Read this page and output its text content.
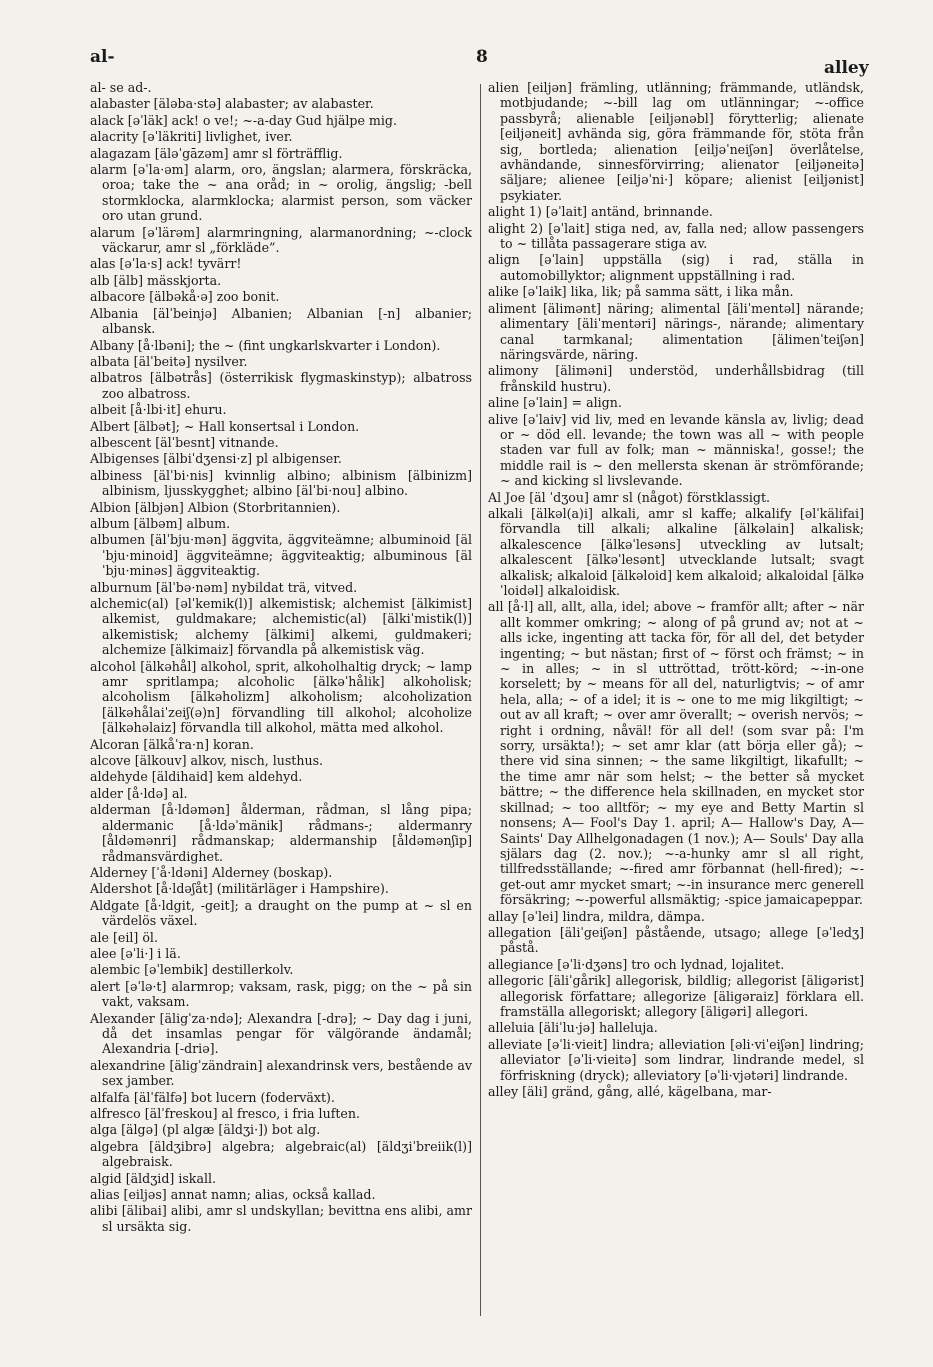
al-	8
alley

al- se ad-.

alabaster [äləba·stə] alabaster; av alabaster.

alack [əˈläk] ack! o ve!; ~-a-day Gud hjälpe mig.

alacrity [əˈläkriti] livlighet, iver.

alagazam [äləˈgāzəm] amr sl förträfflig.

alarm [əˈla·əm] alarm, oro, ängslan; alarmera, förskräcka, oroa; take the ~ ana oråd; in ~ orolig, ängslig; -bell stormklocka, alarmklocka; alarmist person, som väcker oro utan grund.

alarum [əˈlärəm] alarmringning, alarmanordning; ~-clock väckarur, amr sl „förkläde”.

alas [əˈla·s] ack! tyvärr!

alb [älb] mässkjorta.

albacore [älbəkå·ə] zoo bonit.

Albania [älˈbeinjə] Albanien; Albanian [-n] albanier; albansk.

Albany [å·lbəni]; the ~ (fint ungkarlskvarter i London).

albata [älˈbeitə] nysilver.

albatros [älbətrås] (österrikisk flygmaskinstyp); albatross zoo albatross.

albeit [å·lbi·it] ehuru.

Albert [älbət]; ~ Hall konsertsal i London.

albescent [älˈbesnt] vitnande.

Albigenses [älbiˈdʒensi·z] pl albigenser.

albiness [älˈbi·nis] kvinnlig albino; albinism [älbinizm] albinism, ljusskygghet; albino [älˈbi·nou] albino.

Albion [älbjən] Albion (Storbritannien).

album [älbəm] album.

albumen [älˈbju·mən] äggvita, äggviteämne; albuminoid [älˈbju·minoid] äggviteämne; äggviteaktig; albuminous [älˈbju·minəs] äggviteaktig.

alburnum [älˈbə·nəm] nybildat trä, vitved.

alchemic(al) [əlˈkemik(l)] alkemistisk; alchemist [älkimist] alkemist, guldmakare; alchemistic(al) [älkiˈmistik(l)] alkemistisk; alchemy [älkimi] alkemi, guldmakeri; alchemize [älkimaiz] förvandla på alkemistisk väg.

alcohol [älkəhål] alkohol, sprit, alkoholhaltig dryck; ~ lamp amr spritlampa; alcoholic [älkəˈhålik] alkoholisk; alcoholism [älkəholizm] alkoholism; alcoholization [älkəhålaiˈzeiʃ(ə)n] förvandling till alkohol; alcoholize [älkəhəlaiz] förvandla till alkohol, mätta med alkohol.

Alcoran [älkåˈra·n] koran.

alcove [älkouv] alkov, nisch, lusthus.

aldehyde [äldihaid] kem aldehyd.

alder [å·ldə] al.

alderman [å·ldəmən] ålderman, rådman, sl lång pipa; aldermanic [å·ldəˈmänik] rådmans-; aldermanry [åldəmənri] rådmanskap; aldermanship [åldəmənʃip] rådmansvärdighet.

Alderney [ˈå·ldəni] Alderney (boskap).

Aldershot [å·ldəʃåt] (militärläger i Hampshire).

Aldgate [å·ldgit, -geit]; a draught on the pump at ~ sl en värdelös växel.

ale [eil] öl.

alee [əˈli·] i lä.

alembic [əˈlembik] destillerkolv.

alert [əˈlə·t] alarmrop; vaksam, rask, pigg; on the ~ på sin vakt, vaksam.

Alexander [äligˈza·ndə]; Alexandra [-drə]; ~ Day dag i juni, då det insamlas pengar för välgörande ändamål; Alexandria [-driə].

alexandrine [äligˈzändrain] alexandrinsk vers, bestående av sex jamber.

alfalfa [älˈfälfə] bot lucern (foderväxt).

alfresco [älˈfreskou] al fresco, i fria luften.

alga [älgə] (pl algæ [äldʒi·]) bot alg.

algebra [äldʒibrə] algebra; algebraic(al) [äldʒiˈbreiik(l)] algebraisk.

algid [äldʒid] iskall.

alias [eiljəs] annat namn; alias, också kallad.

alibi [älibai] alibi, amr sl undskyllan; bevittna ens alibi, amr sl ursäkta sig.

alien [eiljən] främling, utlänning; främmande, utländsk, motbjudande; ~-bill lag om utlänningar; ~-office passbyrå; alienable [eiljənəbl] förytterlig; alienate [eiljəneit] avhända sig, göra främmande för, stöta från sig, bortleda; alienation [eiljəˈneiʃən] överlåtelse, avhändande, sinnesförvirring; alienator [eiljəneitə] säljare; alienee [eiljəˈni·] köpare; alienist [eiljənist] psykiater.

alight 1) [əˈlait] antänd, brinnande.

alight 2) [əˈlait] stiga ned, av, falla ned; allow passengers to ~ tillåta passagerare stiga av.

align [əˈlain] uppställa (sig) i rad, ställa in automobillyktor; alignment uppställning i rad.

alike [əˈlaik] lika, lik; på samma sätt, i lika mån.

aliment [älimənt] näring; alimental [äliˈmentəl] närande; alimentary [äliˈmentəri] närings-, närande; alimentary canal tarmkanal; alimentation [älimenˈteiʃən] näringsvärde, näring.

alimony [äliməni] understöd, underhållsbidrag (till frånskild hustru).

aline [əˈlain] = align.

alive [əˈlaiv] vid liv, med en levande känsla av, livlig; dead or ~ död ell. levande; the town was all ~ with people staden var full av folk; man ~ människa!, gosse!; the middle rail is ~ den mellersta skenan är strömförande; ~ and kicking sl livslevande.

Al Joe [äl ˈdʒou] amr sl (något) förstklassigt.

alkali [älkəl(a)i] alkali, amr sl kaffe; alkalify [əlˈkälifai] förvandla till alkali; alkaline [älkəlain] alkalisk; alkalescence [älkəˈlesəns] utveckling av lutsalt; alkalescent [älkəˈlesənt] utvecklande lutsalt; svagt alkalisk; alkaloid [älkəloid] kem alkaloid; alkaloidal [älkəˈloidəl] alkaloidisk.

all [å·l] all, allt, alla, idel; above ~ framför allt; after ~ när allt kommer omkring; ~ along of på grund av; not at ~ alls icke, ingenting att tacka för, för all del, det betyder ingenting; ~ but nästan; first of ~ först och främst; ~ in ~ in alles; ~ in sl uttröttad, trött-körd; ~-in-one korselett; by ~ means för all del, naturligtvis; ~ of amr hela, alla; ~ of a idel; it is ~ one to me mig likgiltigt; ~ out av all kraft; ~ over amr överallt; ~ overish nervös; ~ right i ordning, nåväl! för all del! (som svar på: I'm sorry, ursäkta!); ~ set amr klar (att börja eller gå); ~ there vid sina sinnen; ~ the same likgiltigt, likafullt; ~ the time amr när som helst; ~ the better så mycket bättre; ~ the difference hela skillnaden, en mycket stor skillnad; ~ too alltför; ~ my eye and Betty Martin sl nonsens; A— Fool's Day 1. april; A— Hallow's Day, A— Saints' Day Allhelgonadagen (1 nov.); A— Souls' Day alla själars dag (2. nov.); ~-a-hunky amr sl all right, tillfredsställande; ~-fired amr förbannat (hell-fired); ~-get-out amr mycket smart; ~-in insurance merc generell försäkring; ~-powerful allsmäktig; -spice jamaicapeppar.

allay [əˈlei] lindra, mildra, dämpa.

allegation [äliˈgeiʃən] påstående, utsago; allege [əˈledʒ] påstå.

allegiance [əˈli·dʒəns] tro och lydnad, lojalitet.

allegoric [äliˈgårik] allegorisk, bildlig; allegorist [äligərist] allegorisk författare; allegorize [äligəraiz] förklara ell. framställa allegoriskt; allegory [äligəri] allegori.

alleluia [äliˈlu·jə] halleluja.

alleviate [əˈli·vieit] lindra; alleviation [əli·viˈeiʃən] lindring; alleviator [əˈli·vieitə] som lindrar, lindrande medel, sl förfriskning (dryck); alleviatory [əˈli·vjətəri] lindrande.

alley [äli] gränd, gång, allé, kägelbana, mar-
